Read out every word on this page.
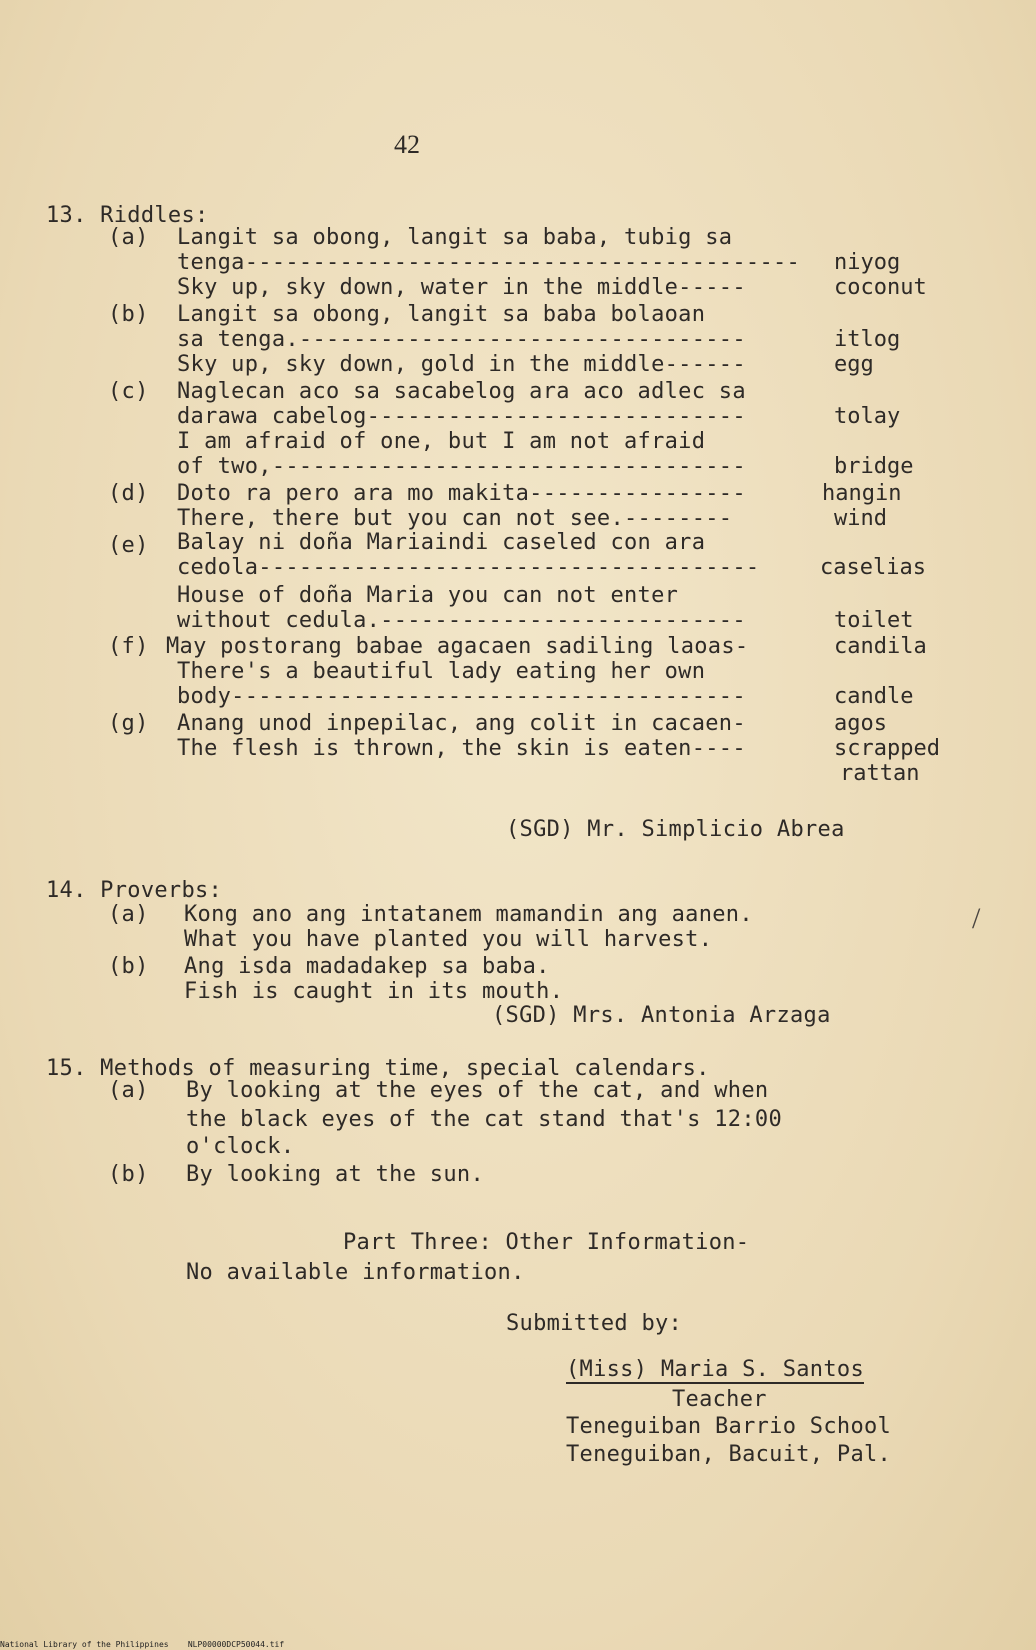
42
13. Riddles:
(a) Langit sa obong, langit sa baba, tubig sa
tenga-----------------------------------------
Sky up, sky down, water in the middle-----
niyog
coconut
(b) Langit sa obong, langit sa baba bolaoan
sa tenga.---------------------------------
Sky up, sky down, gold in the middle------
itlog
egg
(c) Naglecan aco sa sacabelog ara aco adlec sa
darawa cabelog----------------------------
I am afraid of one, but I am not afraid
of two,-----------------------------------
tolay
bridge
(d) Doto ra pero ara mo makita----------------
There, there but you can not see.--------
hangin
wind
(e) Balay ni doña Mariaindi caseled con ara
cedola-------------------------------------
House of doña Maria you can not enter
without cedula.---------------------------
caselias
toilet
(f) May postorang babae agacaen sadiling laoas-
There's a beautiful lady eating her own
body--------------------------------------
candila
candle
(g) Anang unod inpepilac, ang colit in cacaen-
The flesh is thrown, the skin is eaten----
agos
scrapped
rattan
(SGD) Mr. Simplicio Abrea
14. Proverbs:
(a) Kong ano ang intatanem mamandin ang aanen.
What you have planted you will harvest.
(b) Ang isda madadakep sa baba.
Fish is caught in its mouth.
(SGD) Mrs. Antonia Arzaga
/
15. Methods of measuring time, special calendars.
(a) By looking at the eyes of the cat, and when
the black eyes of the cat stand that's 12:00
o'clock.
(b) By looking at the sun.
Part Three: Other Information-
No available information.
Submitted by:
(Miss) Maria S. Santos
Teacher
Teneguiban Barrio School
Teneguiban, Bacuit, Pal.
National Library of the Philippines    NLP00000DCP50044.tif
